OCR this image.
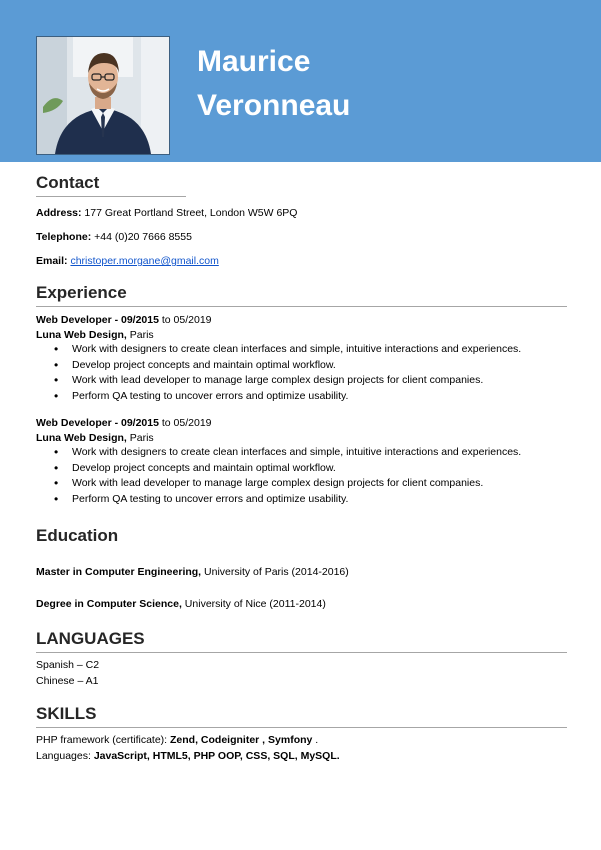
Maurice
Veronneau
Contact
Address: 177 Great Portland Street, London W5W 6PQ
Telephone: +44 (0)20 7666 8555
Email: christoper.morgane@gmail.com
Experience
Web Developer - 09/2015 to 05/2019
Luna Web Design, Paris
• Work with designers to create clean interfaces and simple, intuitive interactions and experiences.
• Develop project concepts and maintain optimal workflow.
• Work with lead developer to manage large complex design projects for client companies.
• Perform QA testing to uncover errors and optimize usability.
Web Developer - 09/2015 to 05/2019
Luna Web Design, Paris
• Work with designers to create clean interfaces and simple, intuitive interactions and experiences.
• Develop project concepts and maintain optimal workflow.
• Work with lead developer to manage large complex design projects for client companies.
• Perform QA testing to uncover errors and optimize usability.
Education
Master in Computer Engineering, University of Paris (2014-2016)
Degree in Computer Science, University of Nice (2011-2014)
LANGUAGES
Spanish – C2
Chinese – A1
SKILLS
PHP framework (certificate): Zend, Codeigniter , Symfony .
Languages: JavaScript, HTML5, PHP OOP, CSS, SQL, MySQL.
